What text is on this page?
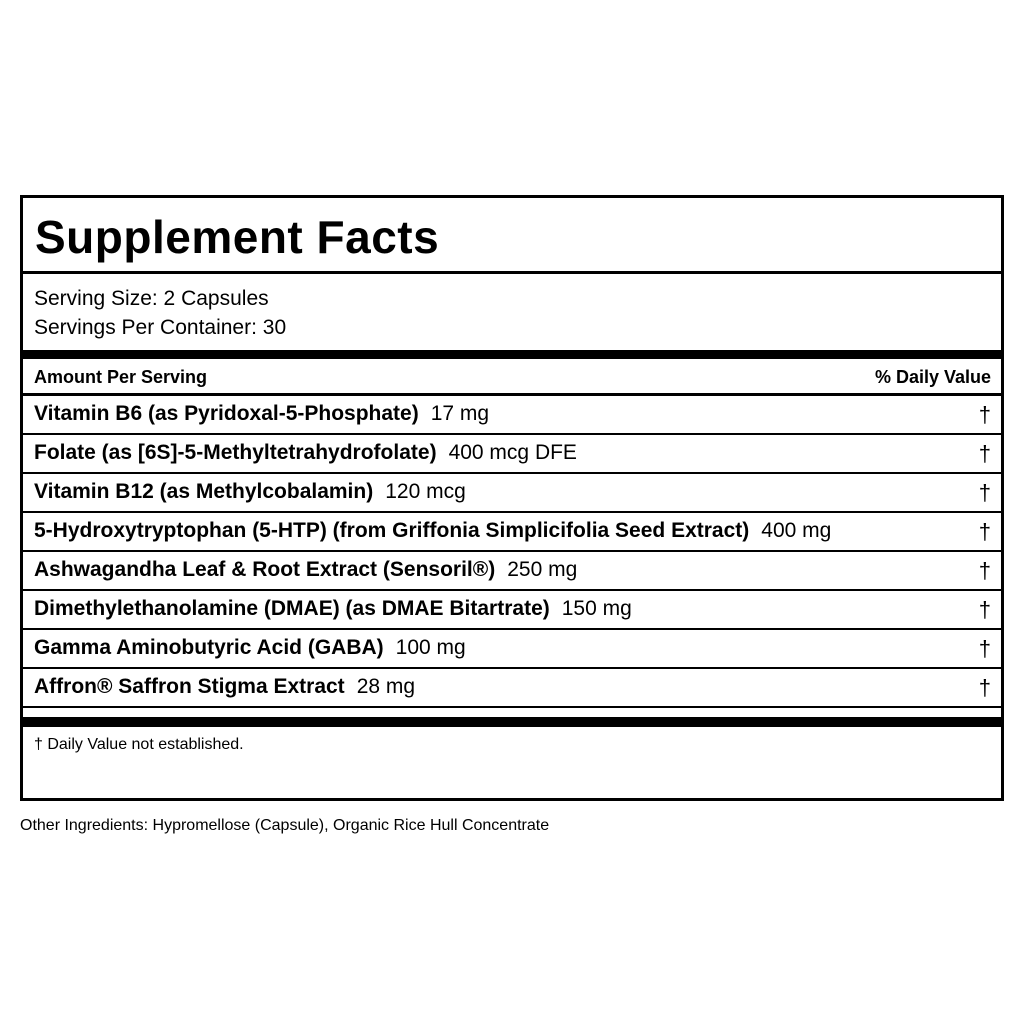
Supplement Facts
Serving Size: 2 Capsules
Servings Per Container: 30
Amount Per Serving	% Daily Value
Vitamin B6 (as Pyridoxal-5-Phosphate) 17 mg	†
Folate (as [6S]-5-Methyltetrahydrofolate) 400 mcg DFE	†
Vitamin B12 (as Methylcobalamin) 120 mcg	†
5-Hydroxytryptophan (5-HTP) (from Griffonia Simplicifolia Seed Extract) 400 mg	†
Ashwagandha Leaf & Root Extract (Sensoril®) 250 mg	†
Dimethylethanolamine (DMAE) (as DMAE Bitartrate) 150 mg	†
Gamma Aminobutyric Acid (GABA) 100 mg	†
Affron® Saffron Stigma Extract 28 mg	†
† Daily Value not established.
Other Ingredients: Hypromellose (Capsule), Organic Rice Hull Concentrate
